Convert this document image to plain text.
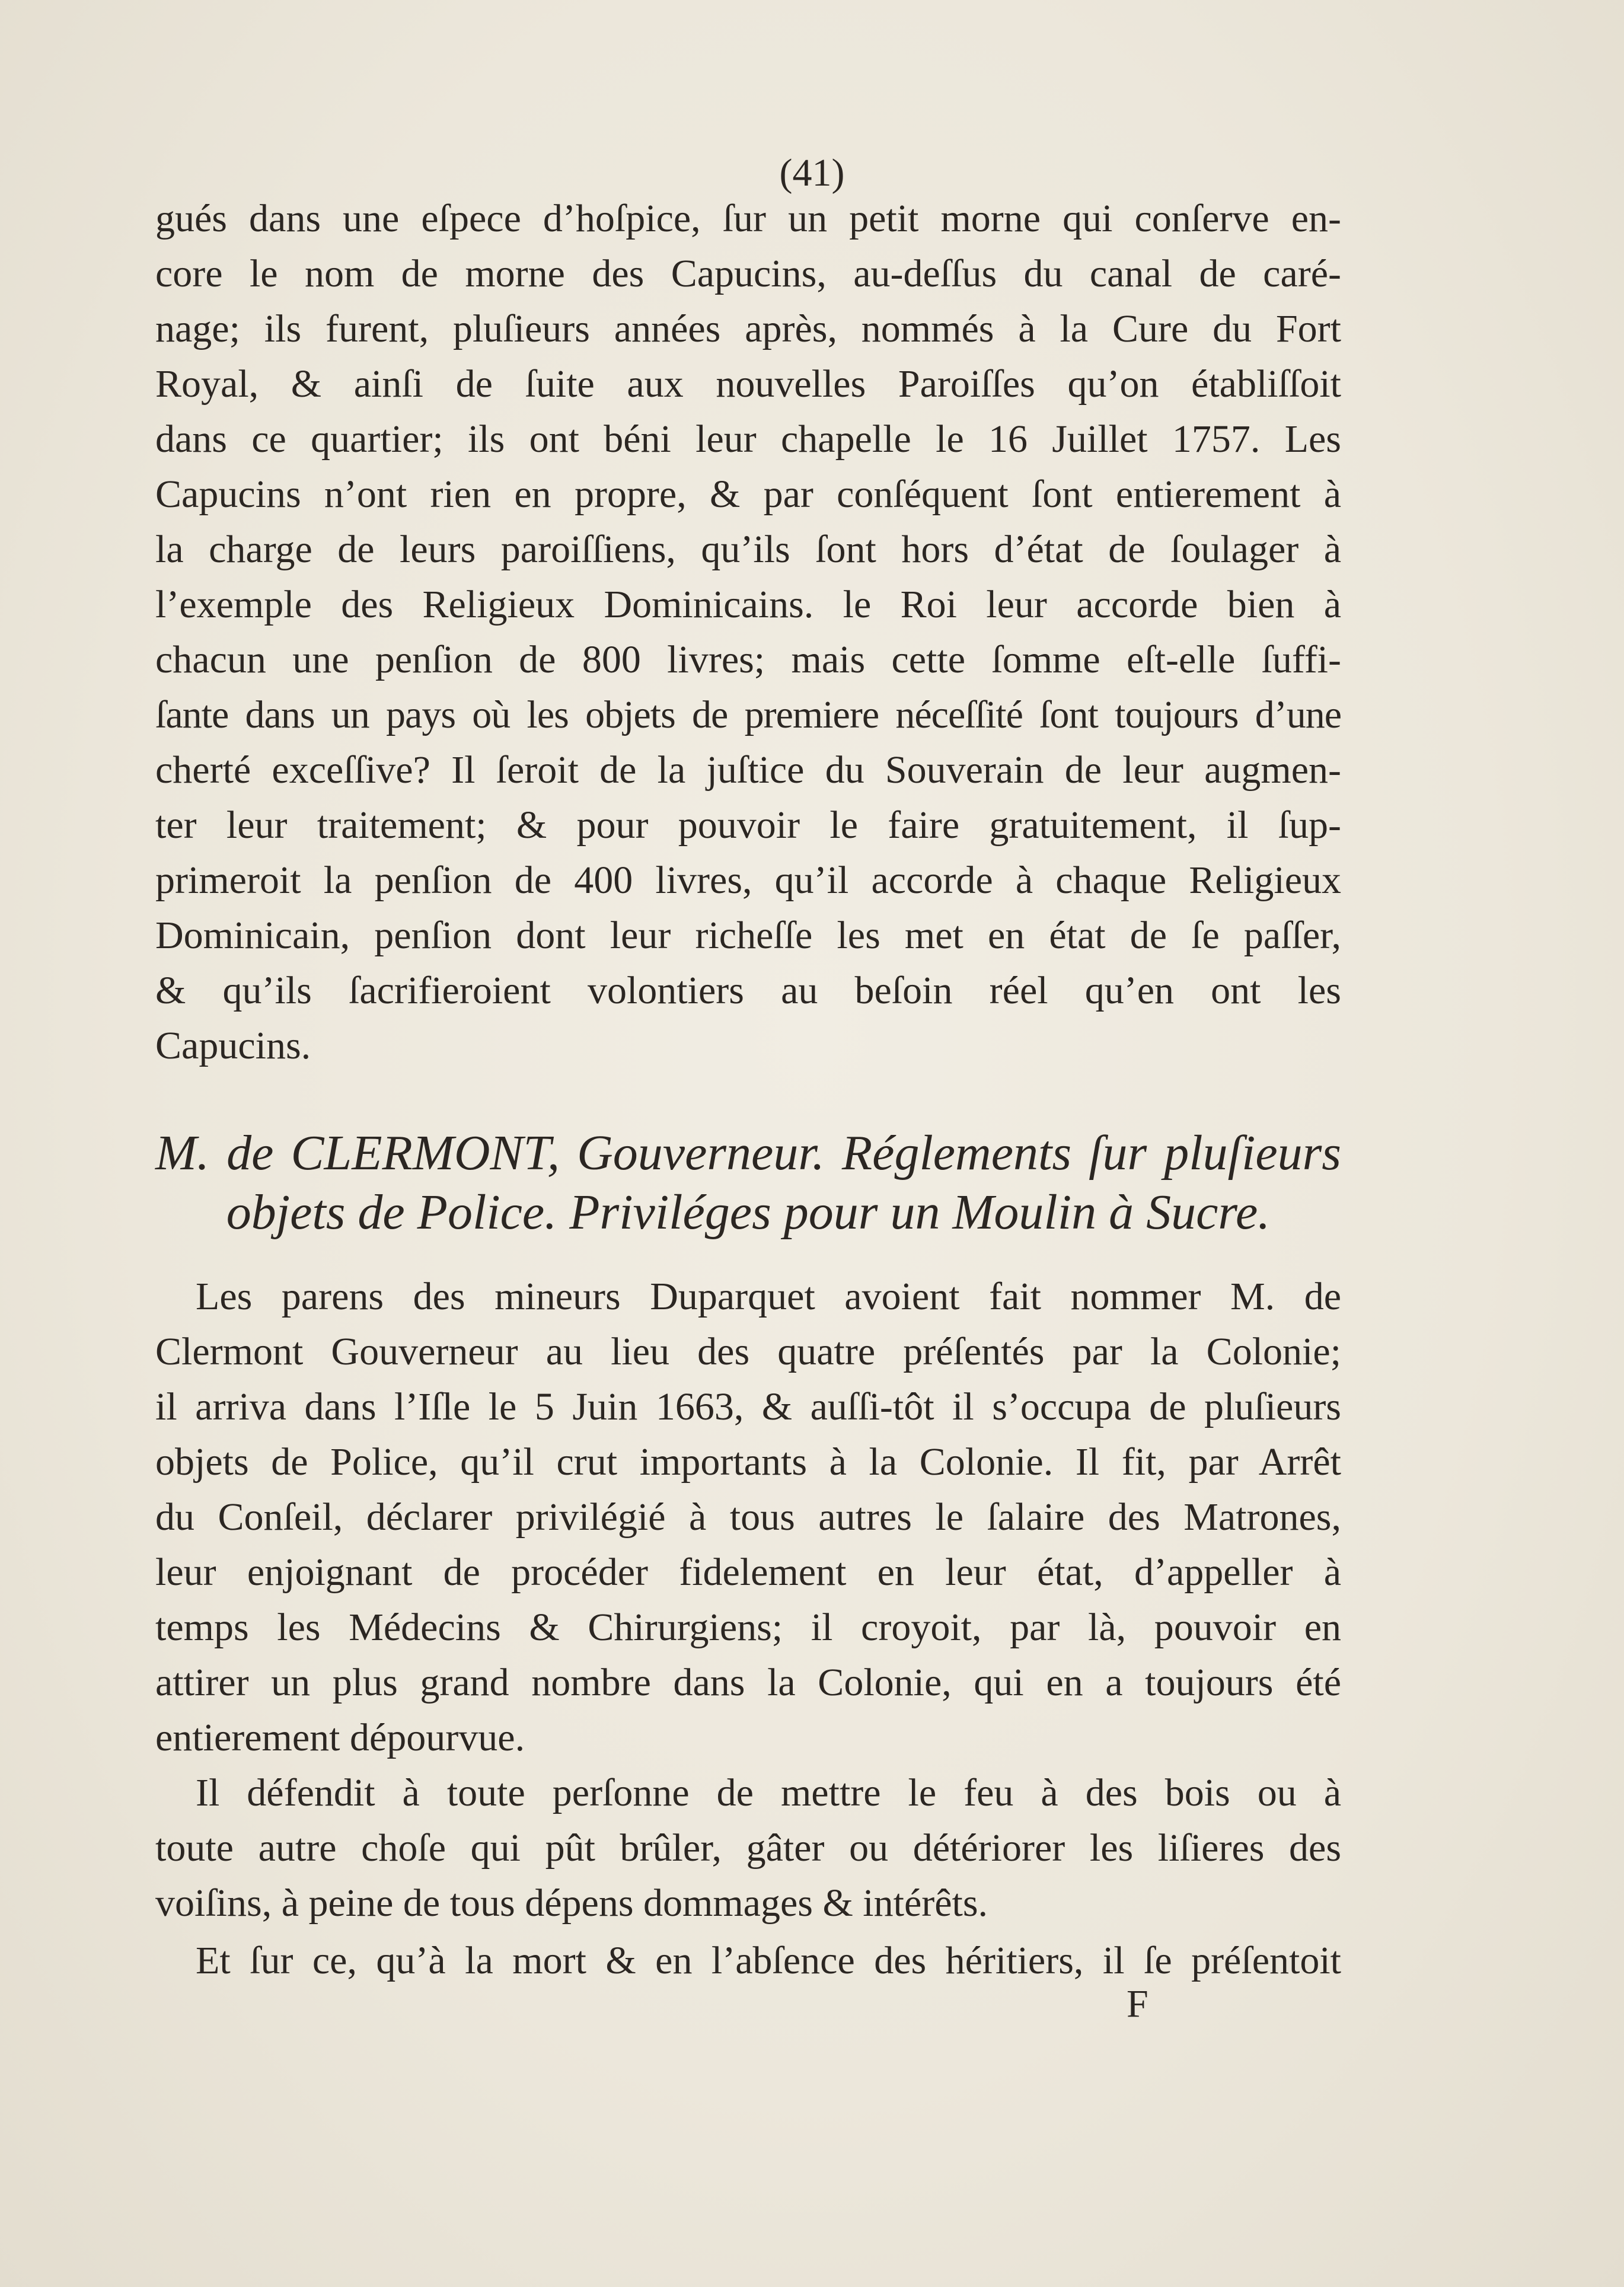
(41)
gués dans une eſpece d’hoſpice, ſur un petit morne qui conſerve en-
core le nom de morne des Capucins, au-deſſus du canal de caré-
nage; ils furent, pluſieurs années après, nommés à la Cure du Fort
Royal, & ainſi de ſuite aux nouvelles Paroiſſes qu’on établiſſoit
dans ce quartier; ils ont béni leur chapelle le 16 Juillet 1757. Les
Capucins n’ont rien en propre, & par conſéquent ſont entierement à
la charge de leurs paroiſſiens, qu’ils ſont hors d’état de ſoulager à
l’exemple des Religieux Dominicains. le Roi leur accorde bien à
chacun une penſion de 800 livres; mais cette ſomme eſt-elle ſuffi-
ſante dans un pays où les objets de premiere néceſſité ſont toujours d’une
cherté exceſſive? Il ſeroit de la juſtice du Souverain de leur augmen-
ter leur traitement; & pour pouvoir le faire gratuitement, il ſup-
primeroit la penſion de 400 livres, qu’il accorde à chaque Religieux
Dominicain, penſion dont leur richeſſe les met en état de ſe paſſer,
& qu’ils ſacrifieroient volontiers au beſoin réel qu’en ont les
Capucins.
M. de CLERMONT, Gouverneur. Réglements ſur pluſieurs
objets de Police. Priviléges pour un Moulin à Sucre.
Les parens des mineurs Duparquet avoient fait nommer M. de
Clermont Gouverneur au lieu des quatre préſentés par la Colonie;
il arriva dans l’Iſle le 5 Juin 1663, & auſſi-tôt il s’occupa de pluſieurs
objets de Police, qu’il crut importants à la Colonie. Il fit, par Arrêt
du Conſeil, déclarer privilégié à tous autres le ſalaire des Matrones,
leur enjoignant de procéder fidelement en leur état, d’appeller à
temps les Médecins & Chirurgiens; il croyoit, par là, pouvoir en
attirer un plus grand nombre dans la Colonie, qui en a toujours été
entierement dépourvue.
Il défendit à toute perſonne de mettre le feu à des bois ou à
toute autre choſe qui pût brûler, gâter ou détériorer les liſieres des
voiſins, à peine de tous dépens dommages & intérêts.
Et ſur ce, qu’à la mort & en l’abſence des héritiers, il ſe préſentoit
F
